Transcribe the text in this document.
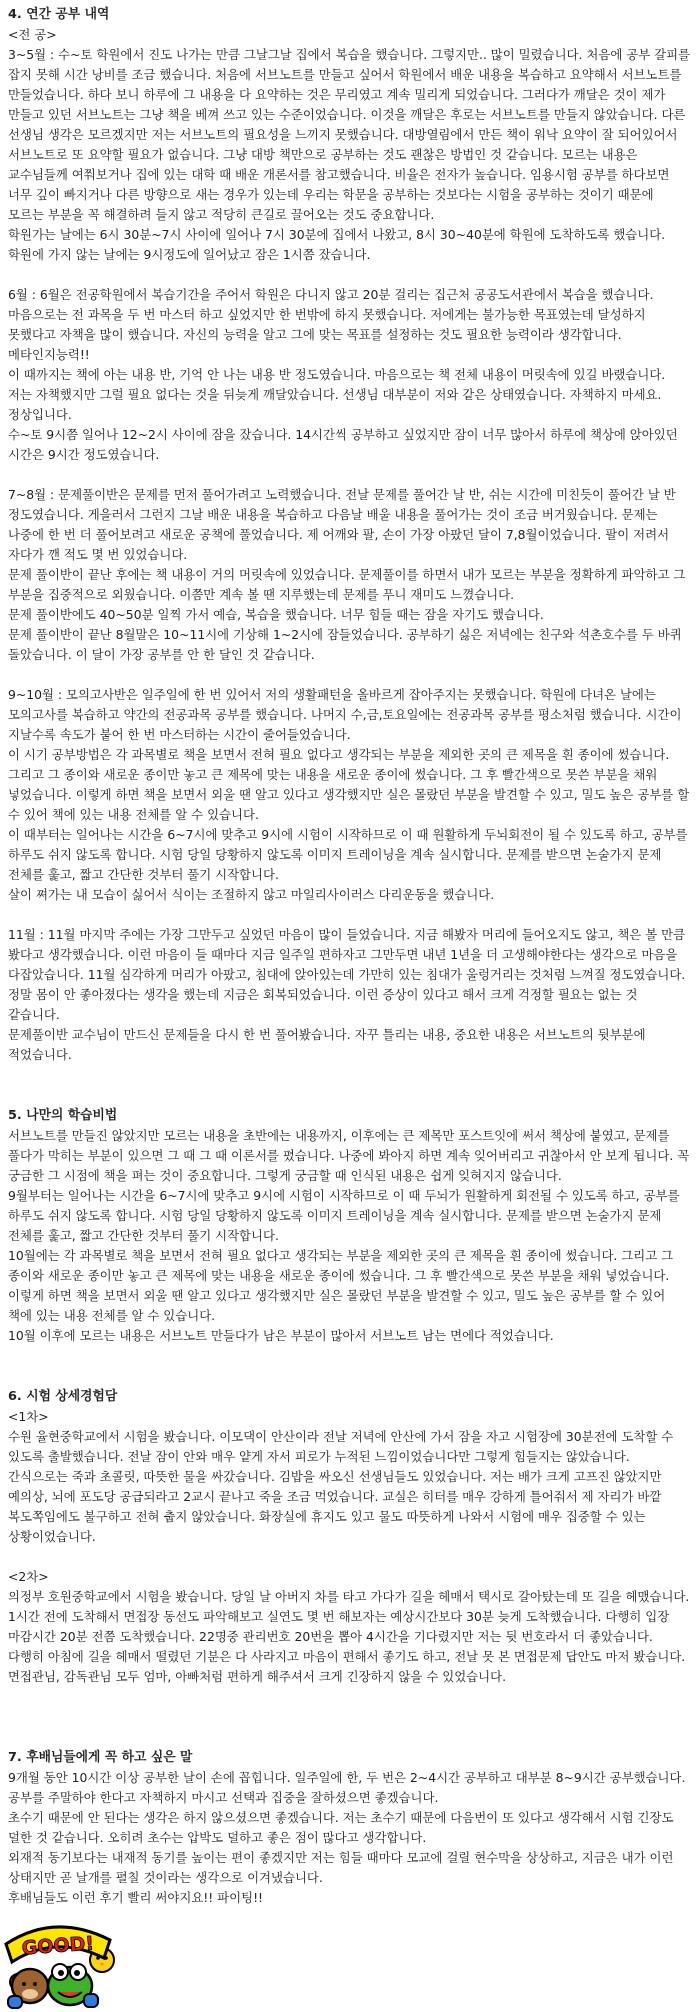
4. 연간 공부 내역
<전 공>

3~5월 : 수~토 학원에서 진도 나가는 만큼 그날그날 집에서 복습을 했습니다. 그렇지만.. 많이 밀렸습니다. 처음에 공부 갈피를 잡지 못해 시간 낭비를 조금 했습니다. 처음에 서브노트를 만들고 싶어서 학원에서 배운 내용을 복습하고 요약해서 서브노트를 만들었습니다. 하다 보니 하루에 그 내용을 다 요약하는 것은 무리였고 계속 밀리게 되었습니다. 그러다가 깨달은 것이 제가 만들고 있던 서브노트는 그냥 책을 베껴 쓰고 있는 수준이었습니다. 이것을 깨달은 후로는 서브노트를 만들지 않았습니다. 다른 선생님 생각은 모르겠지만 저는 서브노트의 필요성을 느끼지 못했습니다. 대방열림에서 만든 책이 워낙 요약이 잘 되어있어서 서브노트로 또 요약할 필요가 없습니다. 그냥 대방 책만으로 공부하는 것도 괜찮은 방법인 것 같습니다. 모르는 내용은 교수님들께 여쭤보거나 집에 있는 대학 때 배운 개론서를 참고했습니다. 비율은 전자가 높습니다. 임용시험 공부를 하다보면 너무 깊이 빠지거나 다른 방향으로 새는 경우가 있는데 우리는 학문을 공부하는 것보다는 시험을 공부하는 것이기 때문에 모르는 부분을 꼭 해결하려 들지 않고 적당히 큰길로 끌어오는 것도 중요합니다.

학원가는 날에는 6시 30분~7시 사이에 일어나 7시 30분에 집에서 나왔고, 8시 30~40분에 학원에 도착하도록 했습니다. 학원에 가지 않는 날에는 9시정도에 일어났고 잠은 1시쯤 잤습니다.

6월 : 6월은 전공학원에서 복습기간을 주어서 학원은 다니지 않고 20분 걸리는 집근처 공공도서관에서 복습을 했습니다. 마음으로는 전 과목을 두 번 마스터 하고 싶었지만 한 번밖에 하지 못했습니다. 저에게는 불가능한 목표였는데 달성하지 못했다고 자책을 많이 했습니다. 자신의 능력을 알고 그에 맞는 목표를 설정하는 것도 필요한 능력이라 생각합니다. 메타인지능력!!

이 때까지는 책에 아는 내용 반, 기억 안 나는 내용 반 정도였습니다. 마음으로는 책 전체 내용이 머릿속에 있길 바랬습니다. 저는 자책했지만 그럴 필요 없다는 것을 뒤늦게 깨달았습니다. 선생님 대부분이 저와 같은 상태였습니다. 자책하지 마세요. 정상입니다.

수~토 9시쯤 일어나 12~2시 사이에 잠을 잤습니다. 14시간씩 공부하고 싶었지만 잠이 너무 많아서 하루에 책상에 앉아있던 시간은 9시간 정도였습니다.

7~8월 : 문제풀이반은 문제를 먼저 풀어가려고 노력했습니다. 전날 문제를 풀어간 날 반, 쉬는 시간에 미친듯이 풀어간 날 반 정도였습니다. 게을러서 그런지 그날 배운 내용을 복습하고 다음날 배울 내용을 풀어가는 것이 조금 버거웠습니다. 문제는 나중에 한 번 더 풀어보려고 새로운 공책에 풀었습니다. 제 어깨와 팔, 손이 가장 아팠던 달이 7,8월이었습니다. 팔이 저려서 자다가 깬 적도 몇 번 있었습니다.

문제 풀이반이 끝난 후에는 책 내용이 거의 머릿속에 있었습니다. 문제풀이를 하면서 내가 모르는 부분을 정확하게 파악하고 그 부분을 집중적으로 외웠습니다. 이쯤만 계속 볼 땐 지루했는데 문제를 푸니 재미도 느꼈습니다.

문제 풀이반에도 40~50분 일찍 가서 예습, 복습을 했습니다. 너무 힘들 때는 잠을 자기도 했습니다.

문제 풀이반이 끝난 8월말은 10~11시에 기상해 1~2시에 잠들었습니다. 공부하기 싫은 저녁에는 친구와 석촌호수를 두 바퀴 돌았습니다. 이 달이 가장 공부를 안 한 달인 것 같습니다.

9~10월 : 모의고사반은 일주일에 한 번 있어서 저의 생활패턴을 올바르게 잡아주지는 못했습니다. 학원에 다녀온 날에는 모의고사를 복습하고 약간의 전공과목 공부를 했습니다. 나머지 수,금,토요일에는 전공과목 공부를 평소처럼 했습니다. 시간이 지날수록 속도가 붙어 한 번 마스터하는 시간이 줄어들었습니다.

이 시기 공부방법은 각 과목별로 책을 보면서 전혀 필요 없다고 생각되는 부분을 제외한 곳의 큰 제목을 흰 종이에 썼습니다. 그리고 그 종이와 새로운 종이만 놓고 큰 제목에 맞는 내용을 새로운 종이에 썼습니다. 그 후 빨간색으로 못쓴 부분을 채워 넣었습니다. 이렇게 하면 책을 보면서 외울 땐 알고 있다고 생각했지만 실은 몰랐던 부분을 발견할 수 있고, 밀도 높은 공부를 할 수 있어 책에 있는 내용 전체를 알 수 있습니다.

이 때부터는 일어나는 시간을 6~7시에 맞추고 9시에 시험이 시작하므로 이 때 원활하게 두뇌회전이 될 수 있도록 하고, 공부를 하루도 쉬지 않도록 합니다. 시험 당일 당황하지 않도록 이미지 트레이닝을 계속 실시합니다. 문제를 받으면 논술가지 문제 전체를 훑고, 짧고 간단한 것부터 풀기 시작합니다.

살이 쪄가는 내 모습이 싫어서 식이는 조절하지 않고 마일리사이러스 다리운동을 했습니다.

11월 : 11월 마지막 주에는 가장 그만두고 싶었던 마음이 많이 들었습니다. 지금 해봤자 머리에 들어오지도 않고, 책은 볼 만큼 봤다고 생각했습니다. 이런 마음이 들 때마다 지금 일주일 편하자고 그만두면 내년 1년을 더 고생해야한다는 생각으로 마음을 다잡았습니다. 11월 심각하게 머리가 아팠고, 침대에 앉아있는데 가만히 있는 침대가 울렁거리는 것처럼 느껴질 정도였습니다. 정말 몸이 안 좋아졌다는 생각을 했는데 지금은 회복되었습니다. 이런 증상이 있다고 해서 크게 걱정할 필요는 없는 것 같습니다.

문제풀이반 교수님이 만드신 문제들을 다시 한 번 풀어봤습니다. 자꾸 틀리는 내용, 중요한 내용은 서브노트의 뒷부분에 적었습니다.

5. 나만의 학습비법

서브노트를 만들진 않았지만 모르는 내용을 초반에는 내용까지, 이후에는 큰 제목만 포스트잇에 써서 책상에 붙였고, 문제를 풀다가 막히는 부분이 있으면 그 때 그 때 이론서를 폈습니다. 나중에 봐아지 하면 계속 잊어버리고 귀찮아서 안 보게 됩니다. 꼭 궁금한 그 시점에 책을 펴는 것이 중요합니다. 그렇게 궁금할 때 인식된 내용은 쉽게 잊혀지지 않습니다.

9월부터는 일어나는 시간을 6~7시에 맞추고 9시에 시험이 시작하므로 이 때 두뇌가 원활하게 회전될 수 있도록 하고, 공부를 하루도 쉬지 않도록 합니다. 시험 당일 당황하지 않도록 이미지 트레이닝을 계속 실시합니다. 문제를 받으면 논술가지 문제 전체를 훑고, 짧고 간단한 것부터 풀기 시작합니다.

10월에는 각 과목별로 책을 보면서 전혀 필요 없다고 생각되는 부분을 제외한 곳의 큰 제목을 흰 종이에 썼습니다. 그리고 그 종이와 새로운 종이만 놓고 큰 제목에 맞는 내용을 새로운 종이에 썼습니다. 그 후 빨간색으로 못쓴 부분을 채워 넣었습니다. 이렇게 하면 책을 보면서 외울 땐 알고 있다고 생각했지만 실은 몰랐던 부분을 발견할 수 있고, 밀도 높은 공부를 할 수 있어 책에 있는 내용 전체를 알 수 있습니다.

10월 이후에 모르는 내용은 서브노트 만들다가 남은 부분이 많아서 서브노트 남는 면에다 적었습니다.

6. 시험 상세경험담
<1차>

수원 율현중학교에서 시험을 봤습니다. 이모댁이 안산이라 전날 저녁에 안산에 가서 잠을 자고 시험장에 30분전에 도착할 수 있도록 출발했습니다. 전날 잠이 안와 매우 얕게 자서 피로가 누적된 느낌이었습니다만 그렇게 힘들지는 않았습니다.

간식으로는 죽과 초콜릿, 따뜻한 물을 싸갔습니다. 김밥을 싸오신 선생님들도 있었습니다. 저는 배가 크게 고프진 않았지만 예의상, 뇌에 포도당 공급되라고 2교시 끝나고 죽을 조금 먹었습니다. 교실은 히터를 매우 강하게 틀어줘서 제 자리가 바깥 복도쪽임에도 불구하고 전혀 춥지 않았습니다. 화장실에 휴지도 있고 물도 따뜻하게 나와서 시험에 매우 집중할 수 있는 상황이었습니다.

<2차>

의정부 호원중학교에서 시험을 봤습니다. 당일 날 아버지 차를 타고 가다가 길을 헤매서 택시로 갈아탔는데 또 길을 헤맸습니다. 1시간 전에 도착해서 면접장 동선도 파악해보고 실연도 몇 번 해보자는 예상시간보다 30분 늦게 도착했습니다. 다행히 입장 마감시간 20분 전쯤 도착했습니다. 22명중 관리번호 20번을 뽑아 4시간을 기다렸지만 저는 뒷 번호라서 더 좋았습니다. 다행히 아침에 길을 헤매서 떨렸던 기분은 다 사라지고 마음이 편해서 좋기도 하고, 전날 못 본 면접문제 답안도 마저 봤습니다. 면접관님, 감독관님 모두 엄마, 아빠처럼 편하게 해주셔서 크게 긴장하지 않을 수 있었습니다.

7. 후배님들에게 꼭 하고 싶은 말

9개월 동안 10시간 이상 공부한 날이 손에 꼽힙니다. 일주일에 한, 두 번은 2~4시간 공부하고 대부분 8~9시간 공부했습니다. 공부를 주말하야 한다고 자책하지 마시고 선택과 집중을 잘하셨으면 좋겠습니다.

초수기 때문에 안 된다는 생각은 하지 않으셨으면 좋겠습니다. 저는 초수기 때문에 다음번이 또 있다고 생각해서 시험 긴장도 덜한 것 같습니다. 오히려 초수는 압박도 덜하고 좋은 점이 많다고 생각합니다.

외재적 동기보다는 내재적 동기를 높이는 편이 좋겠지만 저는 힘들 때마다 모교에 걸릴 현수막을 상상하고, 지금은 내가 이런 상태지만 곧 날개를 펼칠 것이라는 생각으로 이겨냈습니다.

후배님들도 이런 후기 빨리 써야지요!! 파이팅!!

GOOD!
